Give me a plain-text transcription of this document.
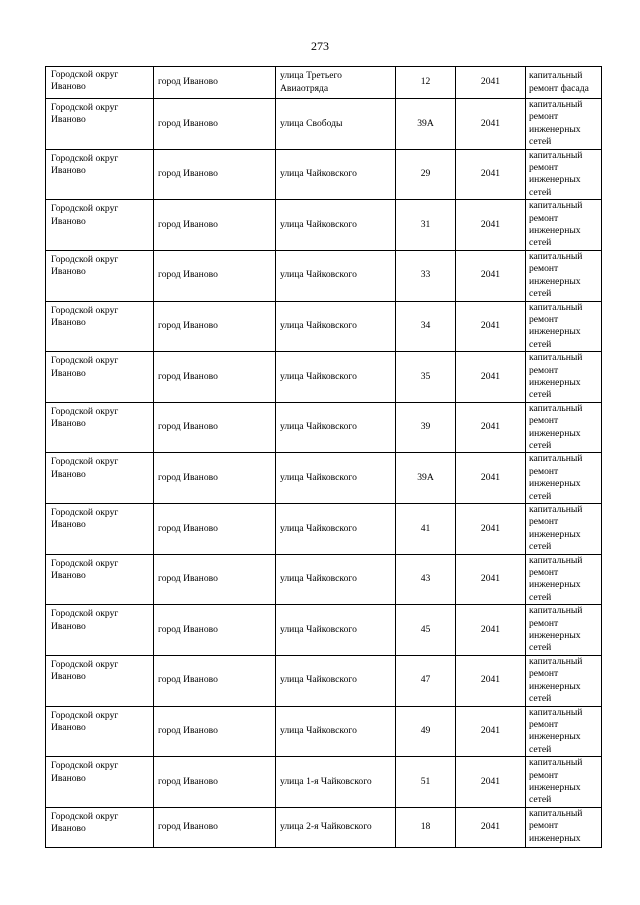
273
Городской округ Иваново	город Иваново	улица Третьего Авиаотряда	12	2041	капитальный ремонт фасада
Городской округ Иваново	город Иваново	улица Свободы	39А	2041	капитальный ремонт инженерных сетей
Городской округ Иваново	город Иваново	улица Чайковского	29	2041	капитальный ремонт инженерных сетей
Городской округ Иваново	город Иваново	улица Чайковского	31	2041	капитальный ремонт инженерных сетей
Городской округ Иваново	город Иваново	улица Чайковского	33	2041	капитальный ремонт инженерных сетей
Городской округ Иваново	город Иваново	улица Чайковского	34	2041	капитальный ремонт инженерных сетей
Городской округ Иваново	город Иваново	улица Чайковского	35	2041	капитальный ремонт инженерных сетей
Городской округ Иваново	город Иваново	улица Чайковского	39	2041	капитальный ремонт инженерных сетей
Городской округ Иваново	город Иваново	улица Чайковского	39А	2041	капитальный ремонт инженерных сетей
Городской округ Иваново	город Иваново	улица Чайковского	41	2041	капитальный ремонт инженерных сетей
Городской округ Иваново	город Иваново	улица Чайковского	43	2041	капитальный ремонт инженерных сетей
Городской округ Иваново	город Иваново	улица Чайковского	45	2041	капитальный ремонт инженерных сетей
Городской округ Иваново	город Иваново	улица Чайковского	47	2041	капитальный ремонт инженерных сетей
Городской округ Иваново	город Иваново	улица Чайковского	49	2041	капитальный ремонт инженерных сетей
Городской округ Иваново	город Иваново	улица 1-я Чайковского	51	2041	капитальный ремонт инженерных сетей
Городской округ Иваново	город Иваново	улица 2-я Чайковского	18	2041	капитальный ремонт инженерных
